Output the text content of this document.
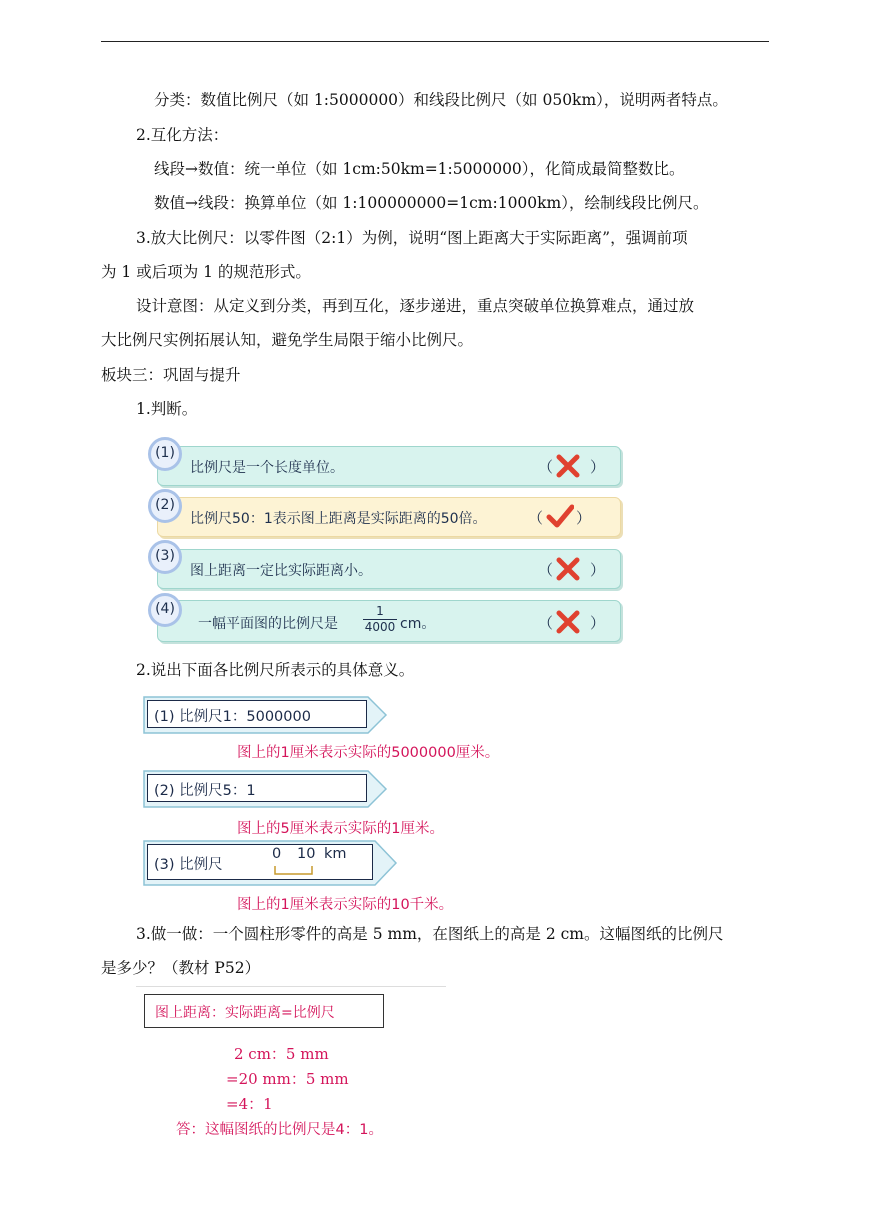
分类：数值比例尺（如 1:5000000）和线段比例尺（如 050km），说明两者特点。
2.互化方法：
线段→数值：统一单位（如 1cm:50km=1:5000000），化简成最简整数比。
数值→线段：换算单位（如 1:100000000=1cm:1000km），绘制线段比例尺。
3.放大比例尺：以零件图（2:1）为例，说明“图上距离大于实际距离”，强调前项
为 1 或后项为 1 的规范形式。
设计意图：从定义到分类，再到互化，逐步递进，重点突破单位换算难点，通过放
大比例尺实例拓展认知，避免学生局限于缩小比例尺。
板块三：巩固与提升
1.判断。
比例尺是一个长度单位。	（ ）
(1)
比例尺50：1表示图上距离是实际距离的50倍。	（ ）
(2)
图上距离一定比实际距离小。	（ ）
(3)
一幅平面图的比例尺是 $\frac{1}{4000}$ cm。	（ ）
(4)
2.说出下面各比例尺所表示的具体意义。
(1) 比例尺1：5000000
图上的1厘米表示实际的5000000厘米。
(2) 比例尺5：1
图上的5厘米表示实际的1厘米。
(3) 比例尺
0 10 km
图上的1厘米表示实际的10千米。
3.做一做：一个圆柱形零件的高是 5 mm，在图纸上的高是 2 cm。这幅图纸的比例尺
是多少？（教材 P52）
图上距离：实际距离=比例尺
2 cm：5 mm
=20 mm：5 mm
=4：1
答：这幅图纸的比例尺是4：1。
